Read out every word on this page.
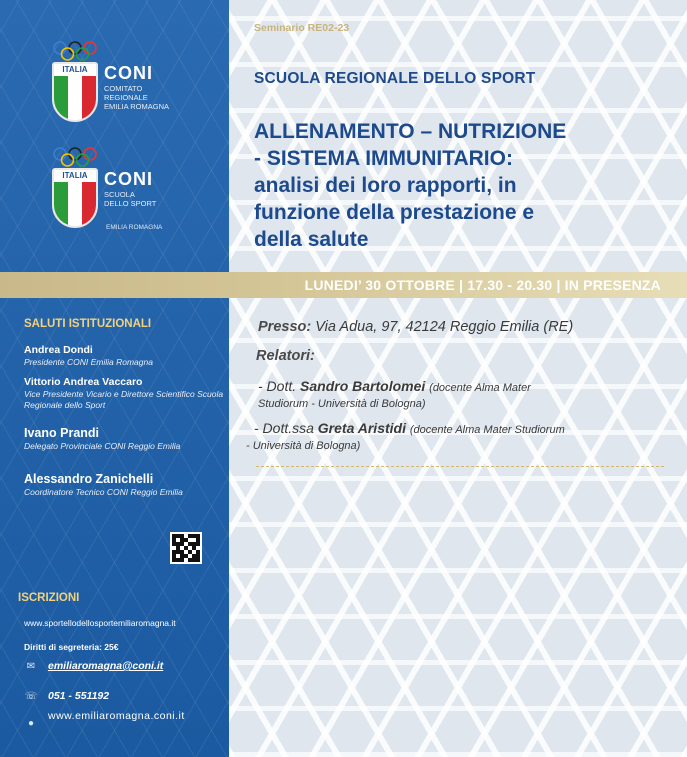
ITALIA CONI
COMITATO
REGIONALE
EMILIA ROMAGNA
ITALIA CONI
SCUOLA
DELLO SPORT
EMILIA ROMAGNA
SALUTI ISTITUZIONALI
Andrea Dondi
Presidente CONI Emilia Romagna
Vittorio Andrea Vaccaro
Vice Presidente Vicario e Direttore Scientifico Scuola Regionale dello Sport
Ivano Prandi
Delegato Provinciale CONI Reggio Emilia
Alessandro Zanichelli
Coordinatore Tecnico CONI Reggio Emilia
ISCRIZIONI
www.sportellodellosportemiliaromagna.it
Diritti di segreteria: 25€
✉ emiliaromagna@coni.it
☏ 051 - 551192
●
www.emiliaromagna.coni.it
Seminario RE02-23
SCUOLA REGIONALE DELLO SPORT
ALLENAMENTO – NUTRIZIONE
- SISTEMA IMMUNITARIO:
analisi dei loro rapporti, in
funzione della prestazione e
della salute
LUNEDI’ 30 OTTOBRE | 17.30 - 20.30 | IN PRESENZA
Presso: Via Adua, 97, 42124 Reggio Emilia (RE)
Relatori:
- Dott. Sandro Bartolomei (docente Alma Mater
Studiorum - Università di Bologna)
- Dott.ssa Greta Aristidi (docente Alma Mater Studiorum
- Università di Bologna)
